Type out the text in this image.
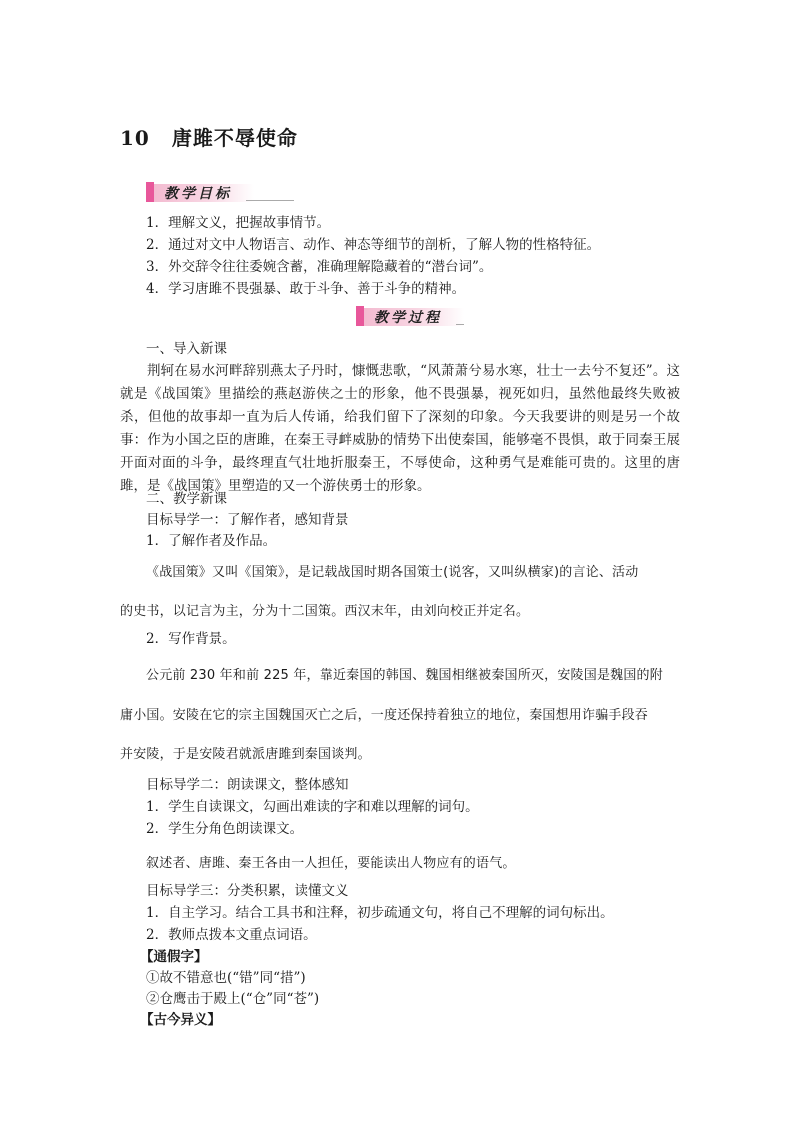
10 唐雎不辱使命
教学目标
1．理解文义，把握故事情节。
2．通过对文中人物语言、动作、神态等细节的剖析，了解人物的性格特征。
3．外交辞令往往委婉含蓄，准确理解隐藏着的“潜台词”。
4．学习唐雎不畏强暴、敢于斗争、善于斗争的精神。
教学过程
一、导入新课
荆轲在易水河畔辞别燕太子丹时，慷慨悲歌，“风萧萧兮易水寒，壮士一去兮不复还”。这就是《战国策》里描绘的燕赵游侠之士的形象，他不畏强暴，视死如归，虽然他最终失败被杀，但他的故事却一直为后人传诵，给我们留下了深刻的印象。今天我要讲的则是另一个故事：作为小国之臣的唐雎，在秦王寻衅威胁的情势下出使秦国，能够毫不畏惧，敢于同秦王展开面对面的斗争，最终理直气壮地折服秦王，不辱使命，这种勇气是难能可贵的。这里的唐雎，是《战国策》里塑造的又一个游侠勇士的形象。
二、教学新课
目标导学一：了解作者，感知背景
1．了解作者及作品。
《战国策》又叫《国策》，是记载战国时期各国策士(说客，又叫纵横家)的言论、活动
的史书，以记言为主，分为十二国策。西汉末年，由刘向校正并定名。
2．写作背景。
公元前 230 年和前 225 年，靠近秦国的韩国、魏国相继被秦国所灭，安陵国是魏国的附
庸小国。安陵在它的宗主国魏国灭亡之后，一度还保持着独立的地位，秦国想用诈骗手段吞
并安陵，于是安陵君就派唐雎到秦国谈判。
目标导学二：朗读课文，整体感知
1．学生自读课文，勾画出难读的字和难以理解的词句。
2．学生分角色朗读课文。
叙述者、唐雎、秦王各由一人担任，要能读出人物应有的语气。
目标导学三：分类积累，读懂文义
1．自主学习。结合工具书和注释，初步疏通文句，将自己不理解的词句标出。
2．教师点拨本文重点词语。
【通假字】
①故不错意也(“错”同“措”)
②仓鹰击于殿上(“仓”同“苍”)
【古今异义】
